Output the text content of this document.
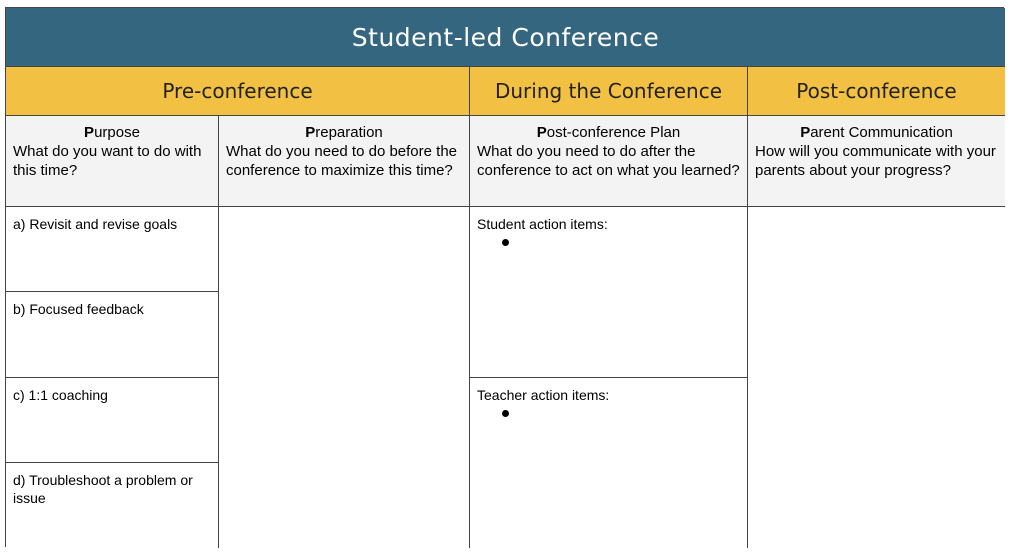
Student-led Conference
Pre-conference	During the Conference	Post-conference
Purpose
What do you want to do with this time?
Preparation
What do you need to do before the conference to maximize this time?
Post-conference Plan
What do you need to do after the conference to act on what you learned?
Parent Communication
How will you communicate with your parents about your progress?
a) Revisit and revise goals
b) Focused feedback
c) 1:1 coaching
d) Troubleshoot a problem or issue
Student action items:
Teacher action items:
